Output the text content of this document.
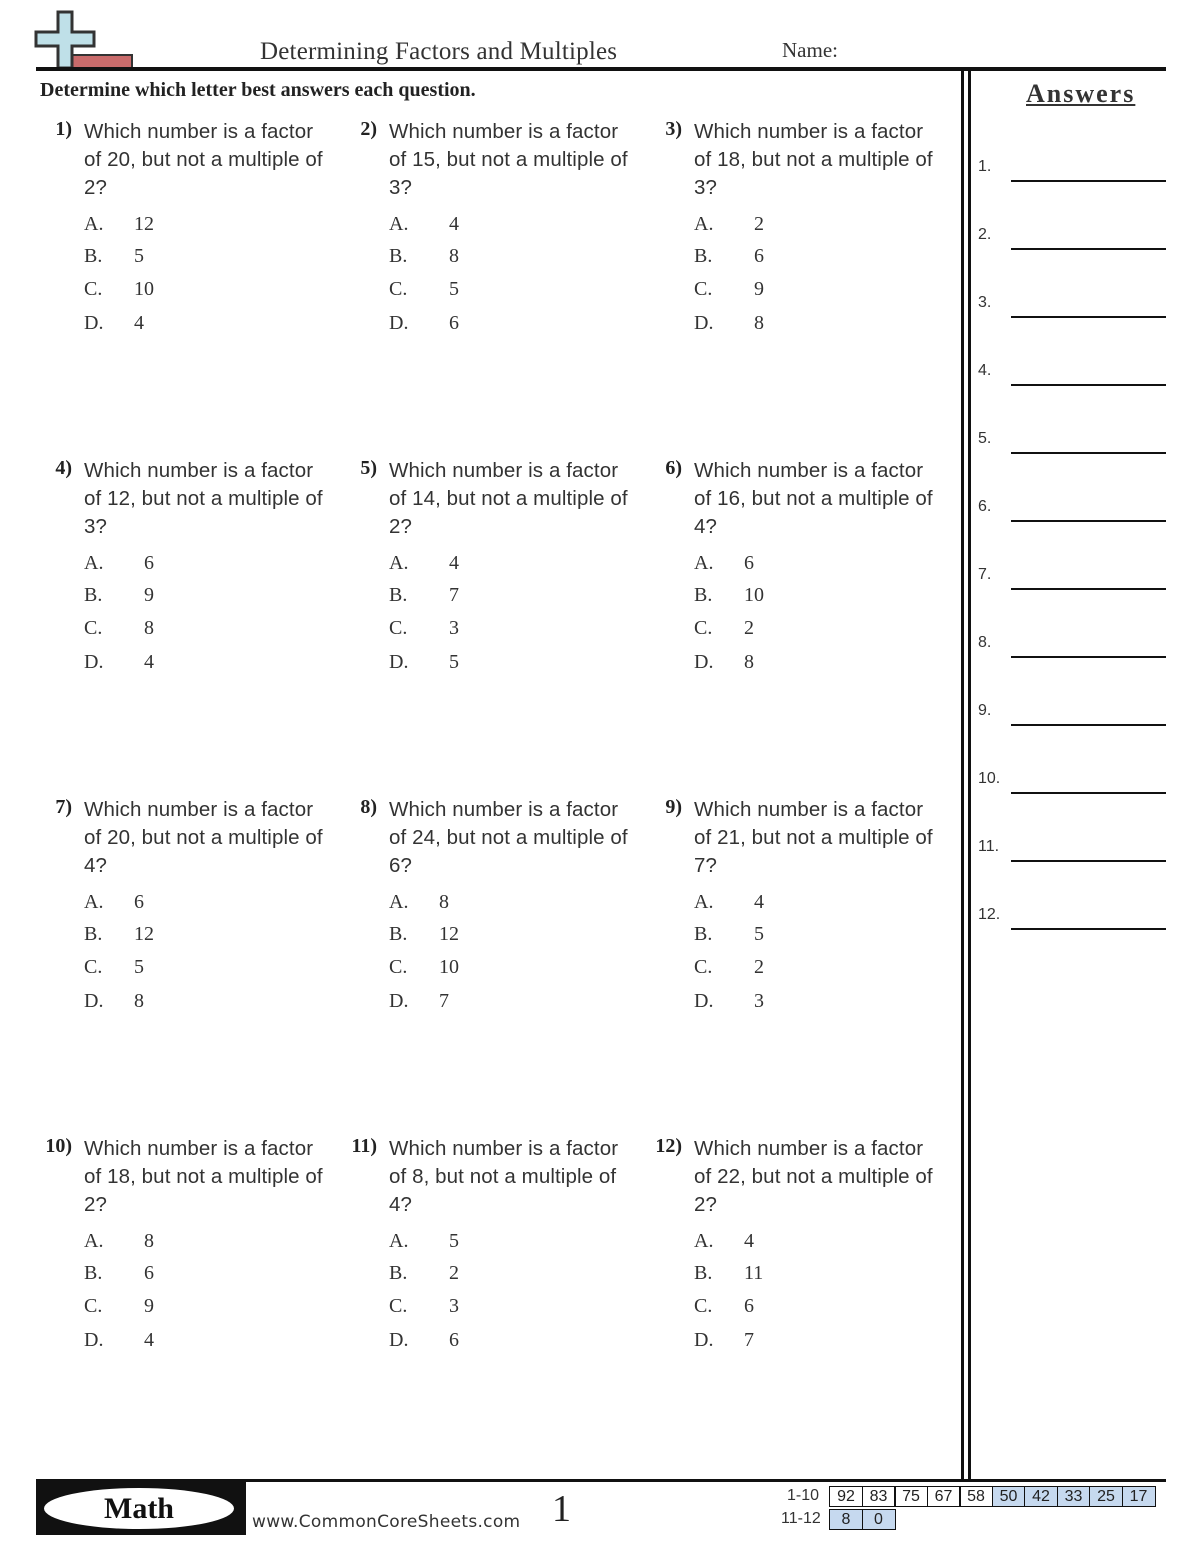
Determining Factors and Multiples	Name:
Determine which letter best answers each question.	Answers
1.
2.
3.
4.
5.
6.
7.
8.
9.
10.
11.
12.
1) Which number is a factor of 20, but not a multiple of 2?
A. 12
B. 5
C. 10
D. 4
2) Which number is a factor of 15, but not a multiple of 3?
A. 4
B. 8
C. 5
D. 6
3) Which number is a factor of 18, but not a multiple of 3?
A. 2
B. 6
C. 9
D. 8
4) Which number is a factor of 12, but not a multiple of 3?
A. 6
B. 9
C. 8
D. 4
5) Which number is a factor of 14, but not a multiple of 2?
A. 4
B. 7
C. 3
D. 5
6) Which number is a factor of 16, but not a multiple of 4?
A. 6
B. 10
C. 2
D. 8
7) Which number is a factor of 20, but not a multiple of 4?
A. 6
B. 12
C. 5
D. 8
8) Which number is a factor of 24, but not a multiple of 6?
A. 8
B. 12
C. 10
D. 7
9) Which number is a factor of 21, but not a multiple of 7?
A. 4
B. 5
C. 2
D. 3
10) Which number is a factor of 18, but not a multiple of 2?
A. 8
B. 6
C. 9
D. 4
11) Which number is a factor of 8, but not a multiple of 4?
A. 5
B. 2
C. 3
D. 6
12) Which number is a factor of 22, but not a multiple of 2?
A. 4
B. 11
C. 6
D. 7
Math	www.CommonCoreSheets.com 1	1-10	92 83 75 67 58 50 42 33 25 17
11-12	8	0
